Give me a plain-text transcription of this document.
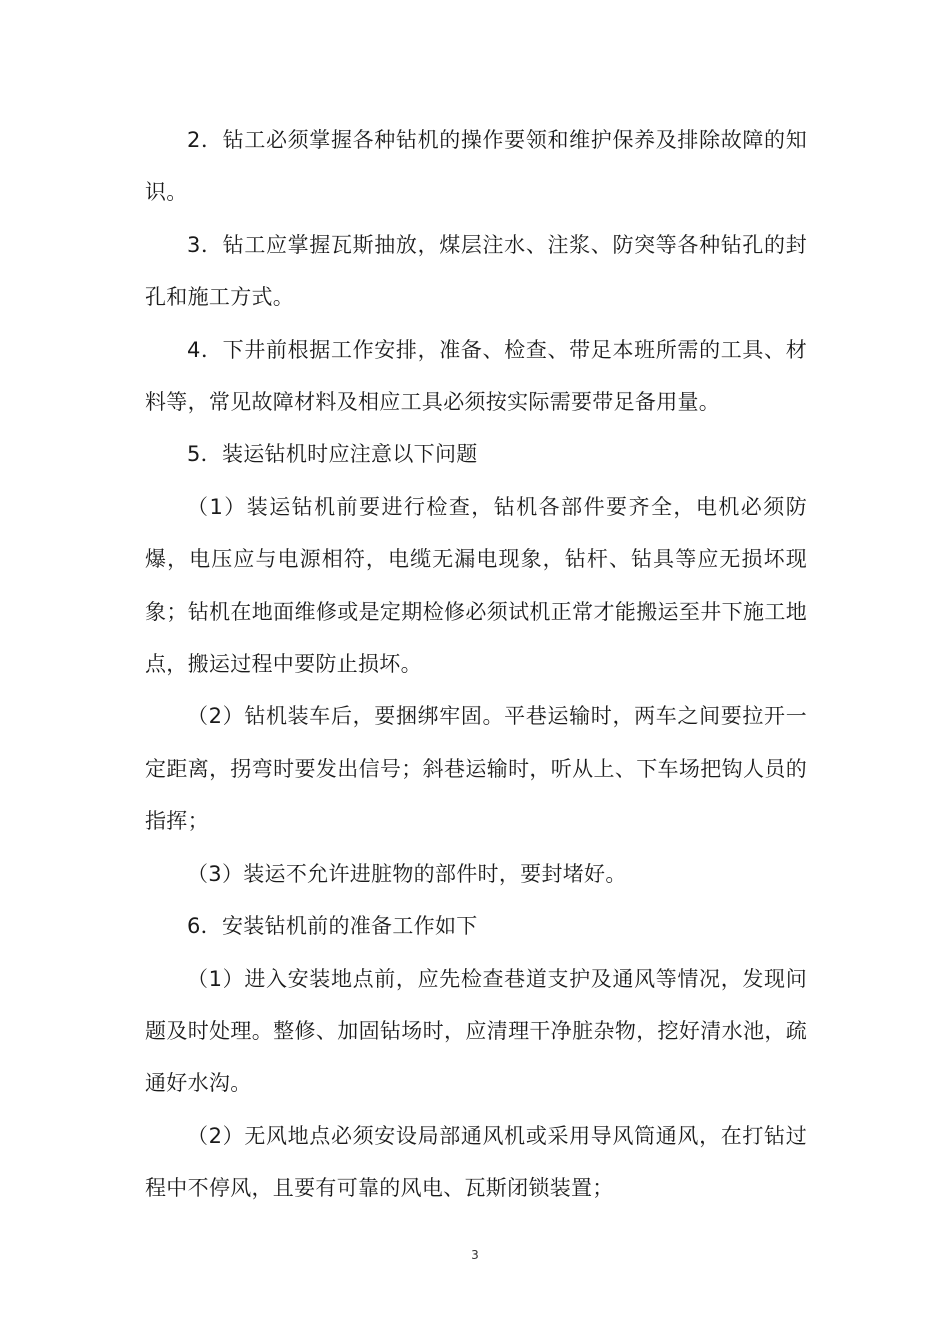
2．钻工必须掌握各种钻机的操作要领和维护保养及排除故障的知识。

3．钻工应掌握瓦斯抽放，煤层注水、注浆、防突等各种钻孔的封孔和施工方式。

4．下井前根据工作安排，准备、检查、带足本班所需的工具、材料等，常见故障材料及相应工具必须按实际需要带足备用量。

5．装运钻机时应注意以下问题

（1）装运钻机前要进行检查，钻机各部件要齐全，电机必须防爆，电压应与电源相符，电缆无漏电现象，钻杆、钻具等应无损坏现象；钻机在地面维修或是定期检修必须试机正常才能搬运至井下施工地点，搬运过程中要防止损坏。

（2）钻机装车后，要捆绑牢固。平巷运输时，两车之间要拉开一定距离，拐弯时要发出信号；斜巷运输时，听从上、下车场把钩人员的指挥；

（3）装运不允许进脏物的部件时，要封堵好。

6．安装钻机前的准备工作如下

（1）进入安装地点前，应先检查巷道支护及通风等情况，发现问题及时处理。整修、加固钻场时，应清理干净脏杂物，挖好清水池，疏通好水沟。

（2）无风地点必须安设局部通风机或采用导风筒通风，在打钻过程中不停风，且要有可靠的风电、瓦斯闭锁装置；

3
